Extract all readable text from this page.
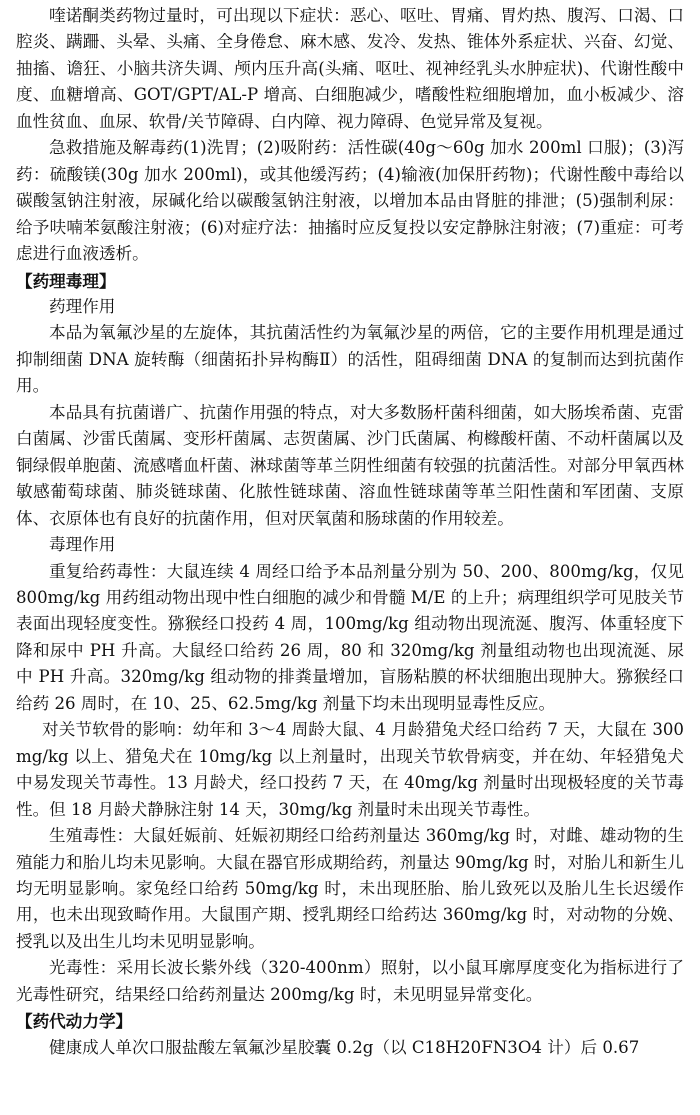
喹诺酮类药物过量时，可出现以下症状：恶心、呕吐、胃痛、胃灼热、腹泻、口渴、口腔炎、蹒跚、头晕、头痛、全身倦怠、麻木感、发冷、发热、锥体外系症状、兴奋、幻觉、抽搐、谵狂、小脑共济失调、颅内压升高(头痛、呕吐、视神经乳头水肿症状)、代谢性酸中度、血糖增高、GOT/GPT/AL-P 增高、白细胞减少，嗜酸性粒细胞增加，血小板减少、溶血性贫血、血尿、软骨/关节障碍、白内障、视力障碍、色觉异常及复视。

急救措施及解毒药(1)洗胃；(2)吸附药：活性碳(40g～60g 加水 200ml 口服)；(3)泻药：硫酸镁(30g 加水 200ml)，或其他缓泻药；(4)输液(加保肝药物)；代谢性酸中毒给以碳酸氢钠注射液，尿碱化给以碳酸氢钠注射液，以增加本品由肾脏的排泄；(5)强制利尿：给予呋喃苯氨酸注射液；(6)对症疗法：抽搐时应反复投以安定静脉注射液；(7)重症：可考虑进行血液透析。

【药理毒理】

药理作用

本品为氧氟沙星的左旋体，其抗菌活性约为氧氟沙星的两倍，它的主要作用机理是通过抑制细菌 DNA 旋转酶（细菌拓扑异构酶Ⅱ）的活性，阻碍细菌 DNA 的复制而达到抗菌作用。

本品具有抗菌谱广、抗菌作用强的特点，对大多数肠杆菌科细菌，如大肠埃希菌、克雷白菌属、沙雷氏菌属、变形杆菌属、志贺菌属、沙门氏菌属、枸橼酸杆菌、不动杆菌属以及铜绿假单胞菌、流感嗜血杆菌、淋球菌等革兰阴性细菌有较强的抗菌活性。对部分甲氧西林敏感葡萄球菌、肺炎链球菌、化脓性链球菌、溶血性链球菌等革兰阳性菌和军团菌、支原体、衣原体也有良好的抗菌作用，但对厌氧菌和肠球菌的作用较差。

毒理作用

重复给药毒性：大鼠连续 4 周经口给予本品剂量分别为 50、200、800mg/kg，仅见 800mg/kg 用药组动物出现中性白细胞的减少和骨髓 M/E 的上升；病理组织学可见肢关节表面出现轻度变性。猕猴经口投药 4 周，100mg/kg 组动物出现流涎、腹泻、体重轻度下降和尿中 PH 升高。大鼠经口给药 26 周，80 和 320mg/kg 剂量组动物也出现流涎、尿中 PH 升高。320mg/kg 组动物的排粪量增加，盲肠粘膜的杯状细胞出现肿大。猕猴经口给药 26 周时，在 10、25、62.5mg/kg 剂量下均未出现明显毒性反应。

对关节软骨的影响：幼年和 3～4 周龄大鼠、4 月龄猎兔犬经口给药 7 天，大鼠在 300mg/kg 以上、猎兔犬在 10mg/kg 以上剂量时，出现关节软骨病变，并在幼、年轻猎兔犬中易发现关节毒性。13 月龄犬，经口投药 7 天，在 40mg/kg 剂量时出现极轻度的关节毒性。但 18 月龄犬静脉注射 14 天，30mg/kg 剂量时未出现关节毒性。

生殖毒性：大鼠妊娠前、妊娠初期经口给药剂量达 360mg/kg 时，对雌、雄动物的生殖能力和胎儿均未见影响。大鼠在器官形成期给药，剂量达 90mg/kg 时，对胎儿和新生儿均无明显影响。家兔经口给药 50mg/kg 时，未出现胚胎、胎儿致死以及胎儿生长迟缓作用，也未出现致畸作用。大鼠围产期、授乳期经口给药达 360mg/kg 时，对动物的分娩、授乳以及出生儿均未见明显影响。

光毒性：采用长波长紫外线（320-400nm）照射，以小鼠耳廓厚度变化为指标进行了光毒性研究，结果经口给药剂量达 200mg/kg 时，未见明显异常变化。

【药代动力学】

健康成人单次口服盐酸左氧氟沙星胶囊 0.2g（以 C18H20FN3O4 计）后 0.67
